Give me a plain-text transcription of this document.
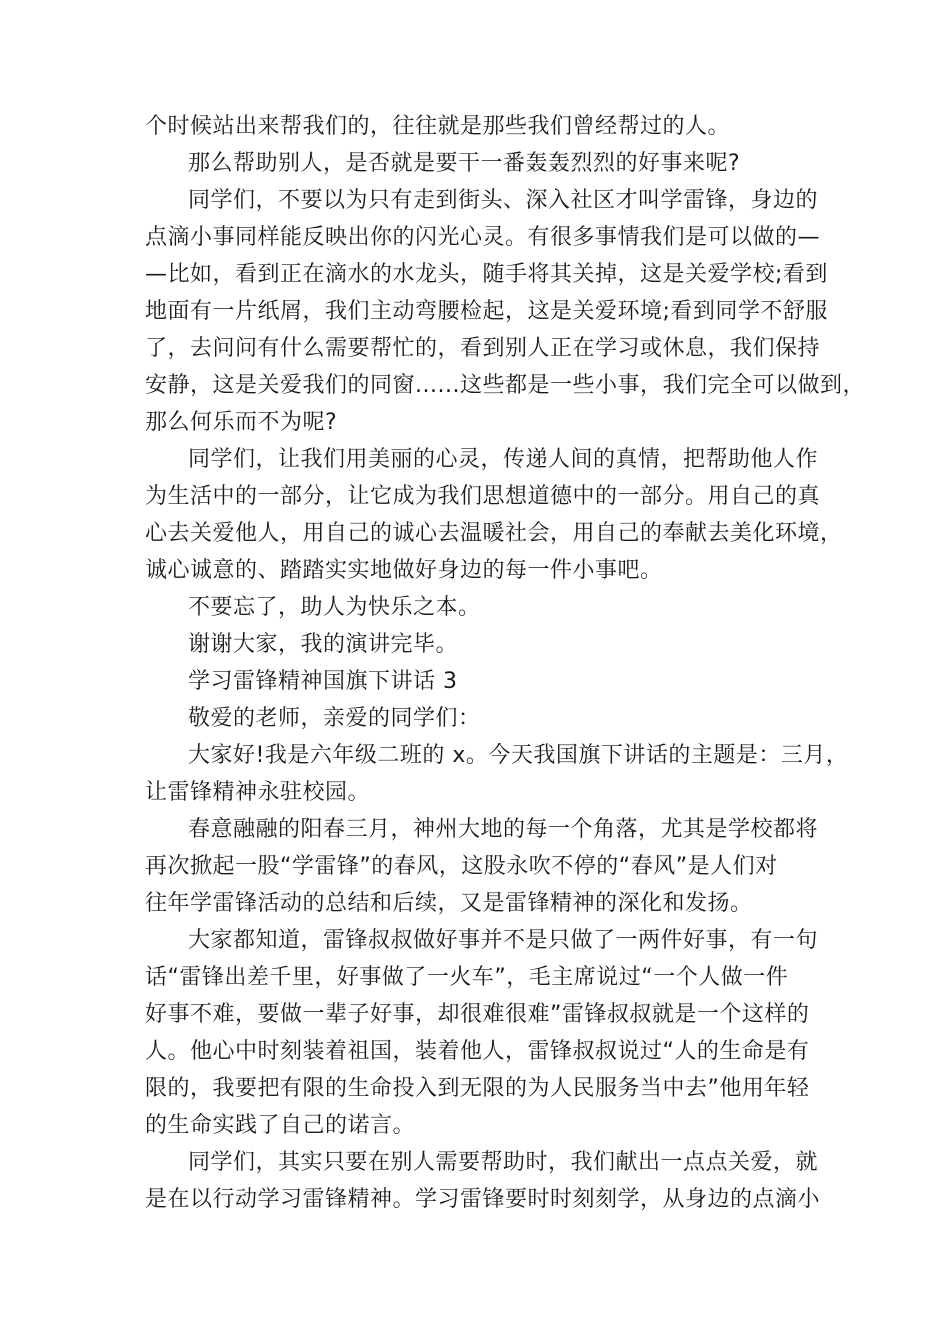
个时候站出来帮我们的，往往就是那些我们曾经帮过的人。
那么帮助别人，是否就是要干一番轰轰烈烈的好事来呢?
同学们，不要以为只有走到街头、深入社区才叫学雷锋，身边的
点滴小事同样能反映出你的闪光心灵。有很多事情我们是可以做的—
—比如，看到正在滴水的水龙头，随手将其关掉，这是关爱学校;看到
地面有一片纸屑，我们主动弯腰检起，这是关爱环境;看到同学不舒服
了，去问问有什么需要帮忙的，看到别人正在学习或休息，我们保持
安静，这是关爱我们的同窗......这些都是一些小事，我们完全可以做到，
那么何乐而不为呢?
同学们，让我们用美丽的心灵，传递人间的真情，把帮助他人作
为生活中的一部分，让它成为我们思想道德中的一部分。用自己的真
心去关爱他人，用自己的诚心去温暖社会，用自己的奉献去美化环境，
诚心诚意的、踏踏实实地做好身边的每一件小事吧。
不要忘了，助人为快乐之本。
谢谢大家，我的演讲完毕。
学习雷锋精神国旗下讲话 3
敬爱的老师，亲爱的同学们：
大家好!我是六年级二班的 x。今天我国旗下讲话的主题是：三月，
让雷锋精神永驻校园。
春意融融的阳春三月，神州大地的每一个角落，尤其是学校都将
再次掀起一股“学雷锋”的春风，这股永吹不停的“春风”是人们对
往年学雷锋活动的总结和后续，又是雷锋精神的深化和发扬。
大家都知道，雷锋叔叔做好事并不是只做了一两件好事，有一句
话“雷锋出差千里，好事做了一火车”，毛主席说过“一个人做一件
好事不难，要做一辈子好事，却很难很难”雷锋叔叔就是一个这样的
人。他心中时刻装着祖国，装着他人，雷锋叔叔说过“人的生命是有
限的，我要把有限的生命投入到无限的为人民服务当中去”他用年轻
的生命实践了自己的诺言。
同学们，其实只要在别人需要帮助时，我们献出一点点关爱，就
是在以行动学习雷锋精神。学习雷锋要时时刻刻学，从身边的点滴小
